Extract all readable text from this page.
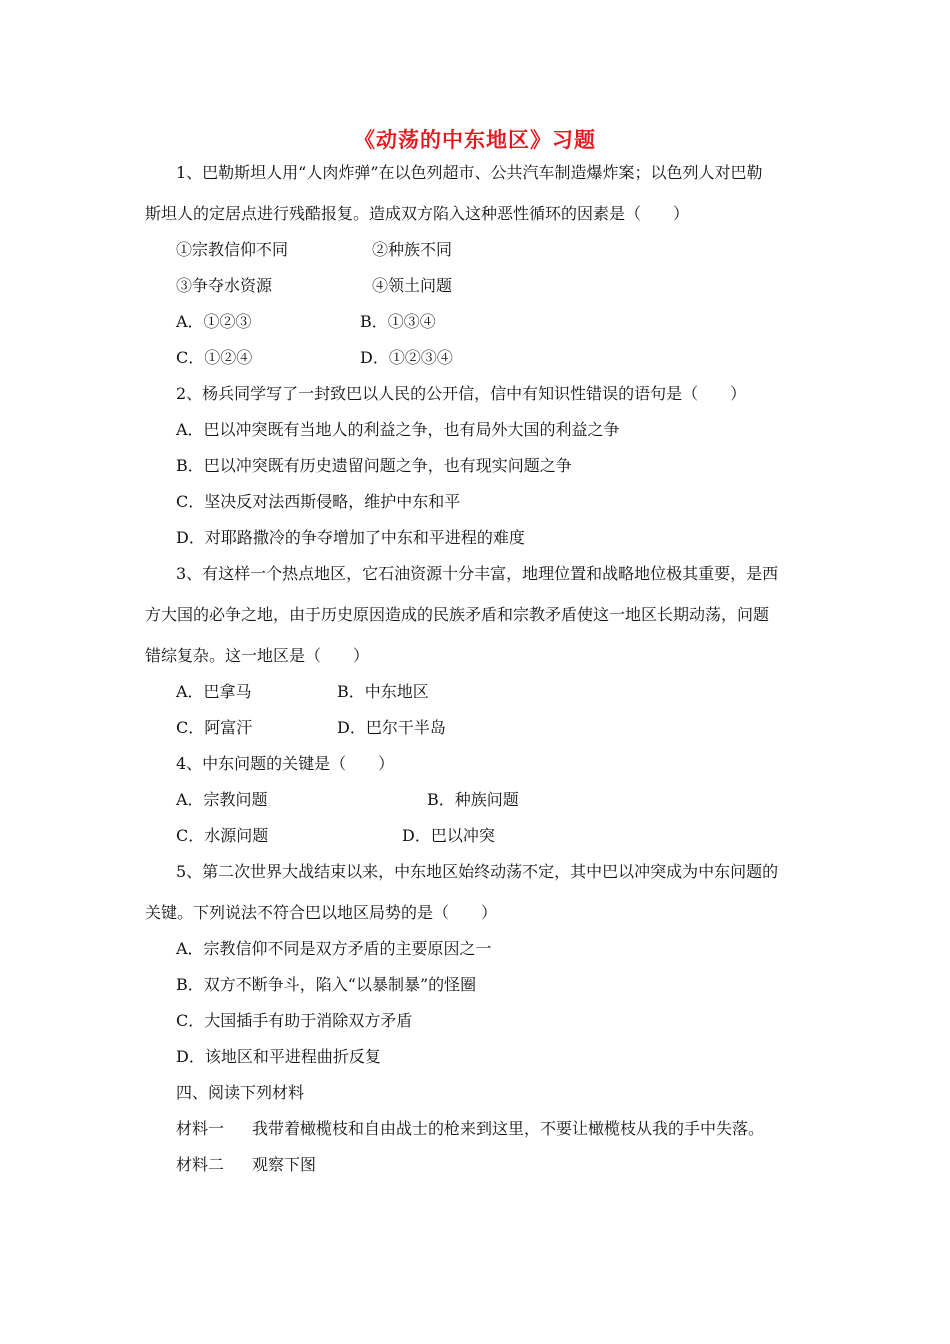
《动荡的中东地区》习题
1、巴勒斯坦人用“人肉炸弹”在以色列超市、公共汽车制造爆炸案；以色列人对巴勒
斯坦人的定居点进行残酷报复。造成双方陷入这种恶性循环的因素是（　　）
①宗教信仰不同	②种族不同
③争夺水资源	④领土问题
A．①②③	B．①③④
C．①②④	D．①②③④
2、杨兵同学写了一封致巴以人民的公开信，信中有知识性错误的语句是（　　）
A．巴以冲突既有当地人的利益之争，也有局外大国的利益之争
B．巴以冲突既有历史遗留问题之争，也有现实问题之争
C．坚决反对法西斯侵略，维护中东和平
D．对耶路撒冷的争夺增加了中东和平进程的难度
3、有这样一个热点地区，它石油资源十分丰富，地理位置和战略地位极其重要，是西
方大国的必争之地，由于历史原因造成的民族矛盾和宗教矛盾使这一地区长期动荡，问题
错综复杂。这一地区是（　　）
A．巴拿马	B．中东地区
C．阿富汗	D．巴尔干半岛
4、中东问题的关键是（　　）
A．宗教问题	B．种族问题
C．水源问题	D．巴以冲突
5、第二次世界大战结束以来，中东地区始终动荡不定，其中巴以冲突成为中东问题的
关键。下列说法不符合巴以地区局势的是（　　）
A．宗教信仰不同是双方矛盾的主要原因之一
B．双方不断争斗，陷入“以暴制暴”的怪圈
C．大国插手有助于消除双方矛盾
D．该地区和平进程曲折反复
四、阅读下列材料
材料一 我带着橄榄枝和自由战士的枪来到这里，不要让橄榄枝从我的手中失落。
材料二 观察下图
